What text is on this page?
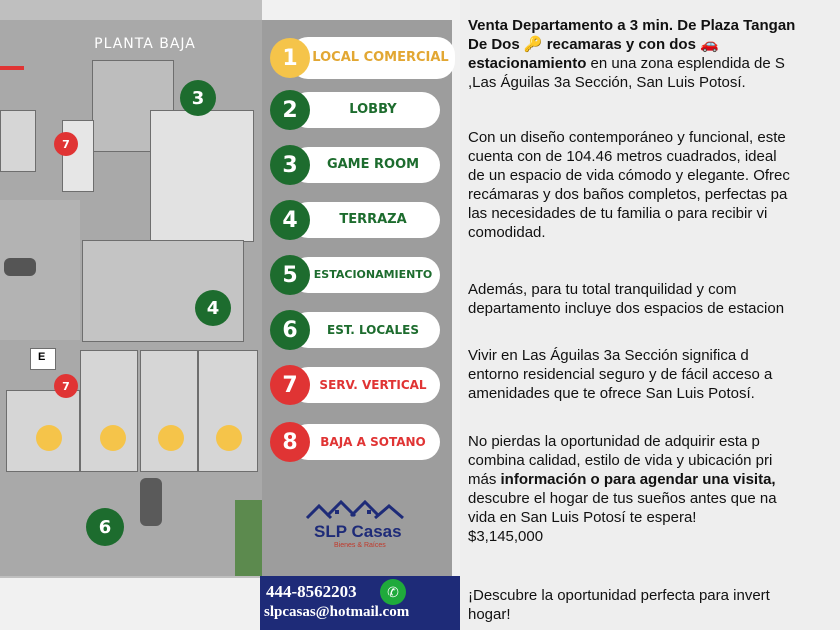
PLANTA BAJA
E
3
4
6
7
7
1	LOCAL COMERCIAL
2	LOBBY
3	GAME ROOM
4	TERRAZA
5	ESTACIONAMIENTO
6	EST. LOCALES
7	SERV. VERTICAL
8	BAJA A SOTANO
SLP Casas
Bienes & Raíces
444-8562203	✆
slpcasas@hotmail.com
Venta Departamento a 3 min. De Plaza Tangan
De Dos 🔑 recamaras y con dos 🚗
estacionamiento en una zona esplendida de S
,Las Águilas 3a Sección, San Luis Potosí.
Con un diseño contemporáneo y funcional, este
cuenta con de 104.46 metros cuadrados, ideal
de un espacio de vida cómodo y elegante. Ofrec
recámaras y dos baños completos, perfectas pa
las necesidades de tu familia o para recibir vi
comodidad.
Además, para tu total tranquilidad y com
departamento incluye dos espacios de estacion
Vivir en Las Águilas 3a Sección significa d
entorno residencial seguro y de fácil acceso a
amenidades que te ofrece San Luis Potosí.
No pierdas la oportunidad de adquirir esta p
combina calidad, estilo de vida y ubicación pri
más información o para agendar una visita,
descubre el hogar de tus sueños antes que na
vida en San Luis Potosí te espera!
$3,145,000
¡Descubre la oportunidad perfecta para invert
hogar!
